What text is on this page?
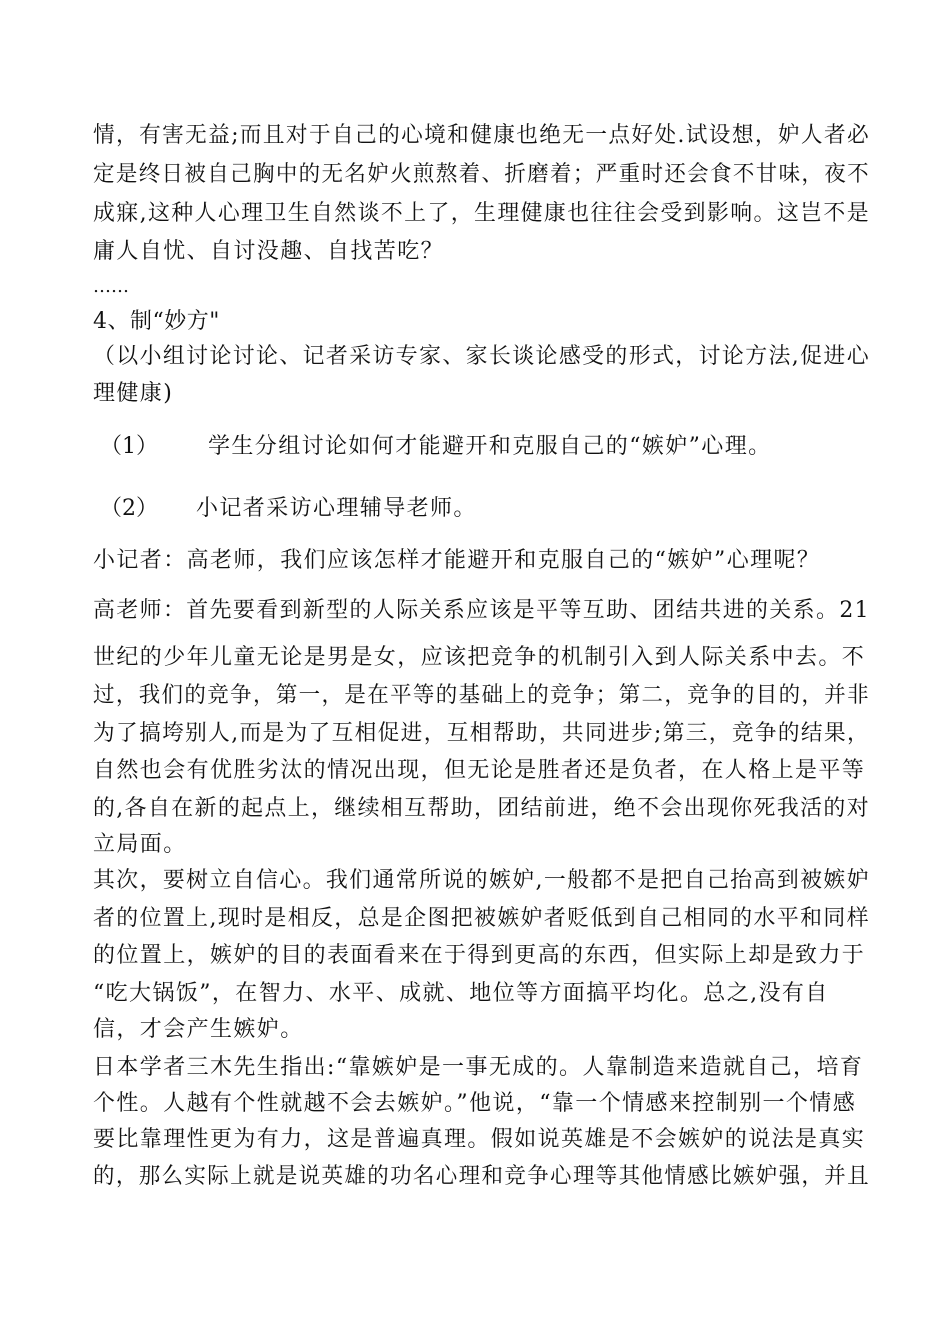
情，有害无益;而且对于自己的心境和健康也绝无一点好处.试设想，妒人者必
定是终日被自己胸中的无名妒火煎熬着、折磨着；严重时还会食不甘味，夜不
成寐,这种人心理卫生自然谈不上了，生理健康也往往会受到影响。这岂不是
庸人自忧、自讨没趣、自找苦吃？
……
4、制“妙方"
（以小组讨论讨论、记者采访专家、家长谈论感受的形式，讨论方法,促进心
理健康)
（1） 学生分组讨论如何才能避开和克服自己的“嫉妒”心理。
（2） 小记者采访心理辅导老师。
小记者：高老师，我们应该怎样才能避开和克服自己的“嫉妒”心理呢？
高老师：首先要看到新型的人际关系应该是平等互助、团结共进的关系。21
世纪的少年儿童无论是男是女，应该把竞争的机制引入到人际关系中去。不
过，我们的竞争，第一，是在平等的基础上的竞争；第二，竞争的目的，并非
为了搞垮别人,而是为了互相促进，互相帮助，共同进步;第三，竞争的结果，
自然也会有优胜劣汰的情况出现，但无论是胜者还是负者，在人格上是平等
的,各自在新的起点上，继续相互帮助，团结前进，绝不会出现你死我活的对
立局面。
其次，要树立自信心。我们通常所说的嫉妒,一般都不是把自己抬高到被嫉妒
者的位置上,现时是相反，总是企图把被嫉妒者贬低到自己相同的水平和同样
的位置上，嫉妒的目的表面看来在于得到更高的东西，但实际上却是致力于
“吃大锅饭”，在智力、水平、成就、地位等方面搞平均化。总之,没有自
信，才会产生嫉妒。
日本学者三木先生指出:“靠嫉妒是一事无成的。人靠制造来造就自己，培育
个性。人越有个性就越不会去嫉妒。”他说，“靠一个情感来控制别一个情感
要比靠理性更为有力，这是普遍真理。假如说英雄是不会嫉妒的说法是真实
的，那么实际上就是说英雄的功名心理和竞争心理等其他情感比嫉妒强，并且
